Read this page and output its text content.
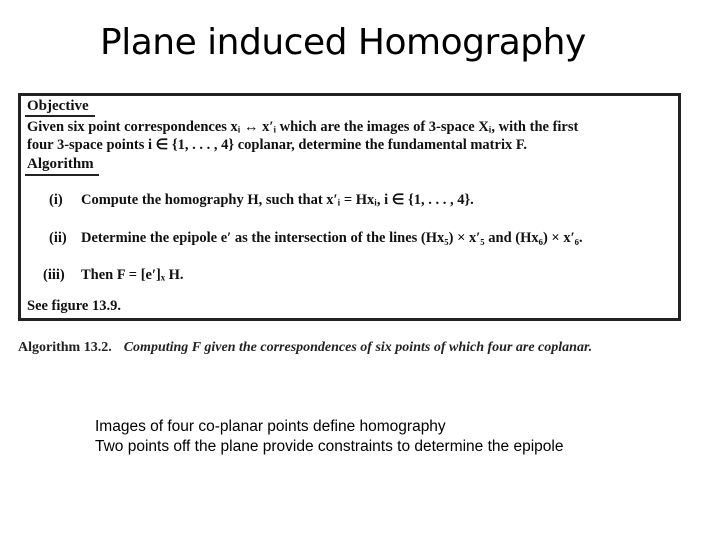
Plane induced Homography
Objective
Given six point correspondences xᵢ ↔ x′ᵢ which are the images of 3-space Xᵢ, with the first
four 3-space points i ∈ {1, . . . , 4} coplanar, determine the fundamental matrix F.
Algorithm
(i) Compute the homography H, such that x′ᵢ = Hxᵢ, i ∈ {1, . . . , 4}.
(ii) Determine the epipole e′ as the intersection of the lines (Hx₅) × x′₅ and (Hx₆) × x′₆.
(iii) Then F = [e′]ₓ H.
See figure 13.9.
Algorithm 13.2. Computing F given the correspondences of six points of which four are coplanar.
Images of four co-planar points define homography
Two points off the plane provide constraints to determine the epipole
